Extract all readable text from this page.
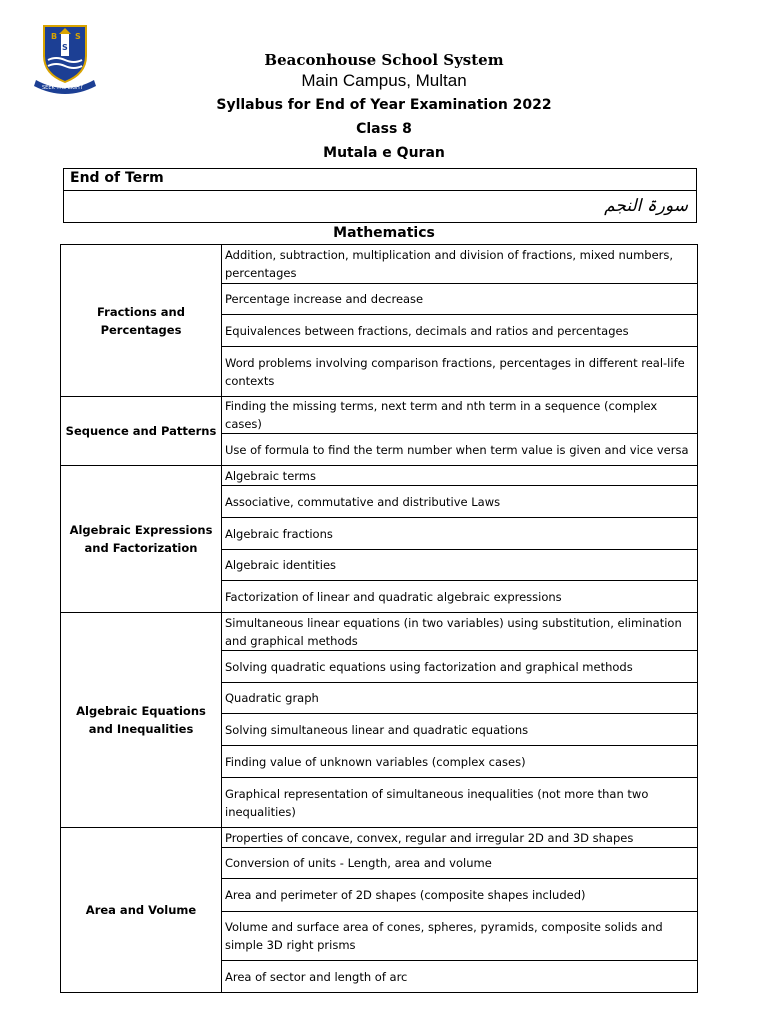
B S
S
SEEK THE LIGHT
Beaconhouse School System
Main Campus, Multan
Syllabus for End of Year Examination 2022
Class 8
Mutala e Quran
End of Term
سورۃ النجم
Mathematics
Fractions and Percentages	Addition, subtraction, multiplication and division of fractions, mixed numbers, percentages
	Percentage increase and decrease
	Equivalences between fractions, decimals and ratios and percentages
	Word problems involving comparison fractions, percentages in different real-life contexts
Sequence and Patterns	Finding the missing terms, next term and nth term in a sequence (complex cases)
	Use of formula to find the term number when term value is given and vice versa
Algebraic Expressions and Factorization	Algebraic terms
	Associative, commutative and distributive Laws
	Algebraic fractions
	Algebraic identities
	Factorization of linear and quadratic algebraic expressions
Algebraic Equations and Inequalities	Simultaneous linear equations (in two variables) using substitution, elimination and graphical methods
	Solving quadratic equations using factorization and graphical methods
	Quadratic graph
	Solving simultaneous linear and quadratic equations
	Finding value of unknown variables (complex cases)
	Graphical representation of simultaneous inequalities (not more than two inequalities)
Area and Volume	Properties of concave, convex, regular and irregular 2D and 3D shapes
	Conversion of units - Length, area and volume
	Area and perimeter of 2D shapes (composite shapes included)
	Volume and surface area of cones, spheres, pyramids, composite solids and simple 3D right prisms
	Area of sector and length of arc
